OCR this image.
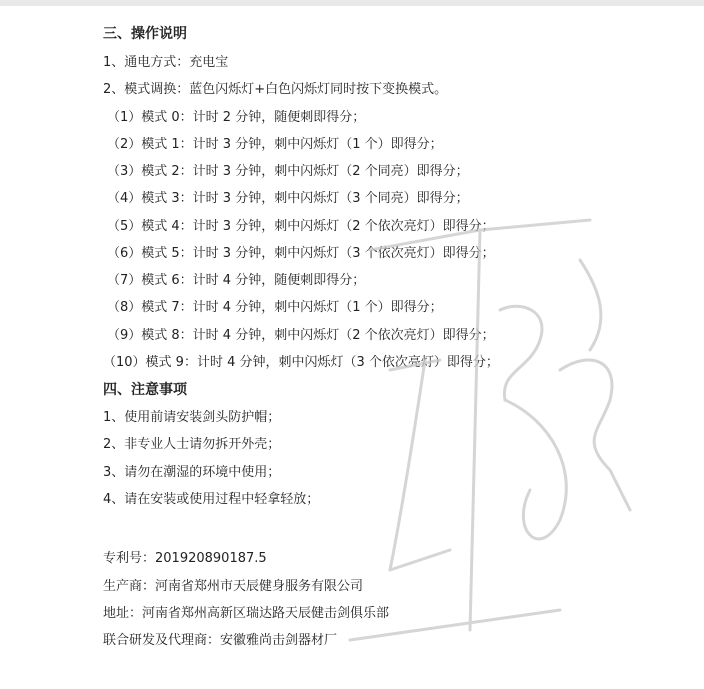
三、操作说明
1、通电方式：充电宝
2、模式调换：蓝色闪烁灯+白色闪烁灯同时按下变换模式。
（1）模式 0：计时 2 分钟，随便刺即得分；
（2）模式 1：计时 3 分钟，刺中闪烁灯（1 个）即得分；
（3）模式 2：计时 3 分钟，刺中闪烁灯（2 个同亮）即得分；
（4）模式 3：计时 3 分钟，刺中闪烁灯（3 个同亮）即得分；
（5）模式 4：计时 3 分钟，刺中闪烁灯（2 个依次亮灯）即得分；
（6）模式 5：计时 3 分钟，刺中闪烁灯（3 个依次亮灯）即得分；
（7）模式 6：计时 4 分钟，随便刺即得分；
（8）模式 7：计时 4 分钟，刺中闪烁灯（1 个）即得分；
（9）模式 8：计时 4 分钟，刺中闪烁灯（2 个依次亮灯）即得分；
（10）模式 9：计时 4 分钟，刺中闪烁灯（3 个依次亮灯）即得分；
四、注意事项
1、使用前请安装剑头防护帽；
2、非专业人士请勿拆开外壳；
3、请勿在潮湿的环境中使用；
4、请在安装或使用过程中轻拿轻放；
专利号：201920890187.5
生产商：河南省郑州市天辰健身服务有限公司
地址：河南省郑州高新区瑞达路天辰健击剑俱乐部
联合研发及代理商：安徽雅尚击剑器材厂
